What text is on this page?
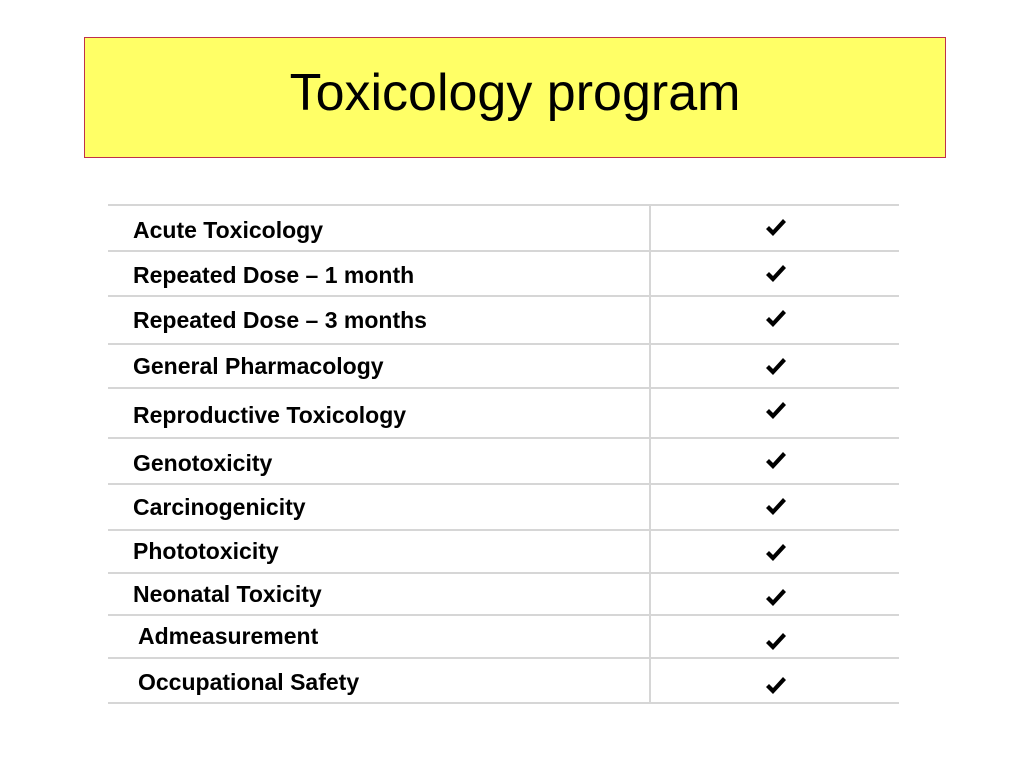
Toxicology program
Acute Toxicology
Repeated Dose – 1 month
Repeated Dose – 3 months
General Pharmacology
Reproductive Toxicology
Genotoxicity
Carcinogenicity
Phototoxicity
Neonatal Toxicity
Admeasurement
Occupational Safety
